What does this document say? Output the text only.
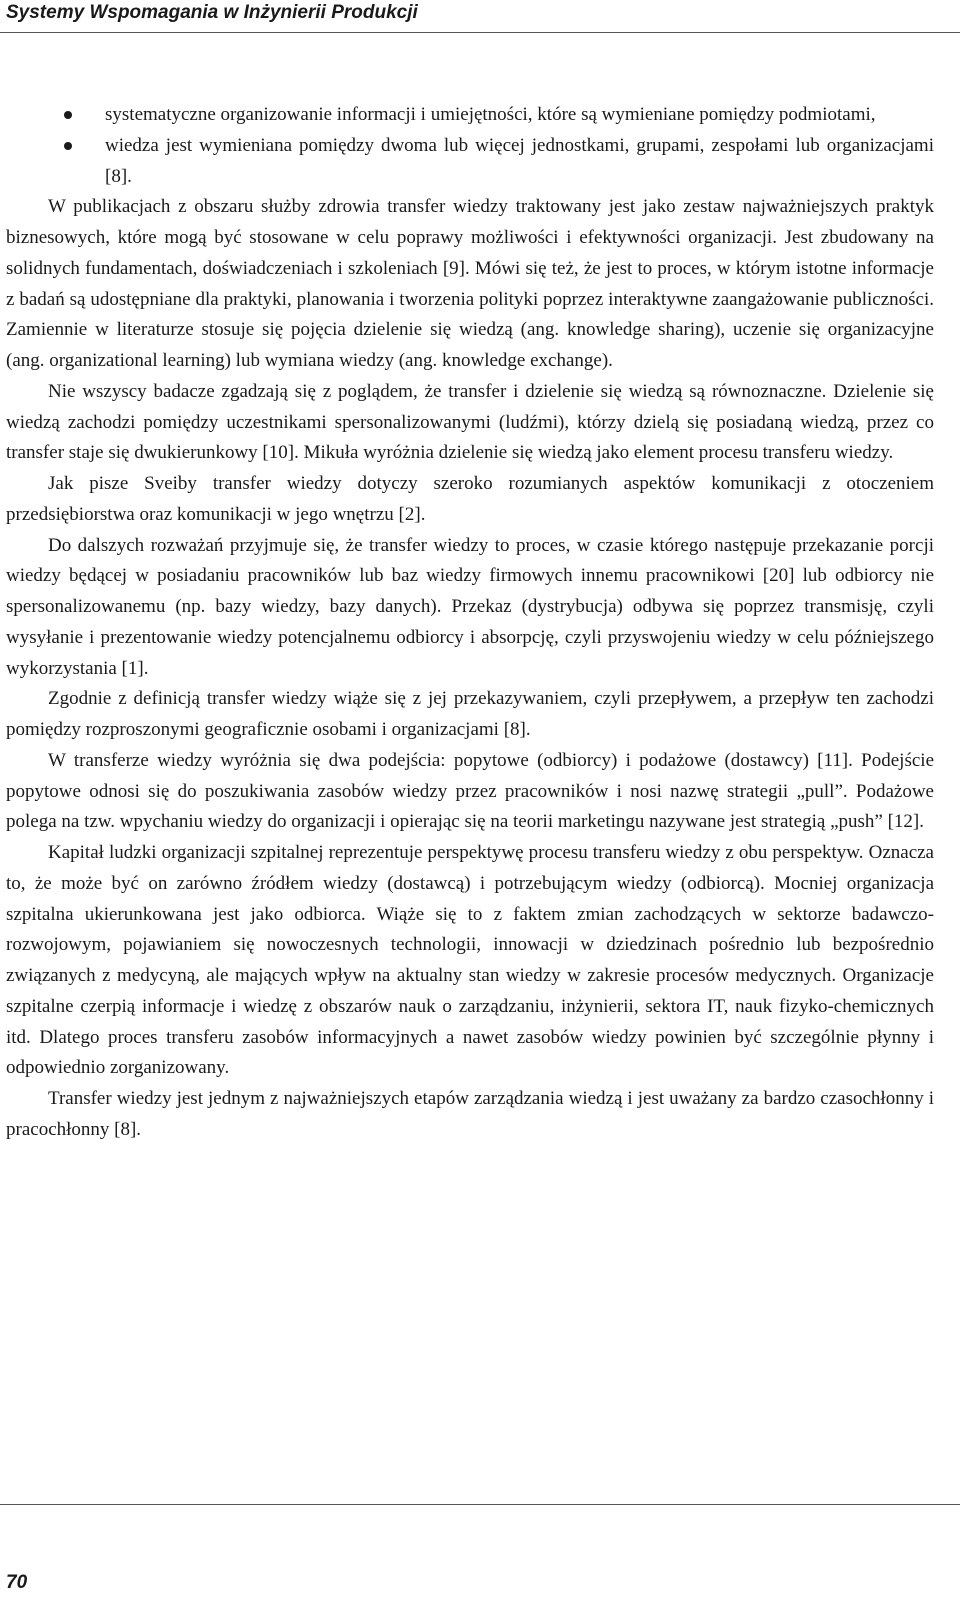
Systemy Wspomagania w Inżynierii Produkcji
systematyczne organizowanie informacji i umiejętności, które są wymieniane pomiędzy podmiotami,
wiedza jest wymieniana pomiędzy dwoma lub więcej jednostkami, grupami, zespołami lub organizacjami [8].

W publikacjach z obszaru służby zdrowia transfer wiedzy traktowany jest jako zestaw najważniejszych praktyk biznesowych, które mogą być stosowane w celu poprawy możliwości i efektywności organizacji. Jest zbudowany na solidnych fundamentach, doświadczeniach i szkoleniach [9]. Mówi się też, że jest to proces, w którym istotne informacje z badań są udostępniane dla praktyki, planowania i tworzenia polityki poprzez interaktywne zaangażowanie publiczności. Zamiennie w literaturze stosuje się pojęcia dzielenie się wiedzą (ang. knowledge sharing), uczenie się organizacyjne (ang. organizational learning) lub wymiana wiedzy (ang. knowledge exchange).

Nie wszyscy badacze zgadzają się z poglądem, że transfer i dzielenie się wiedzą są równoznaczne. Dzielenie się wiedzą zachodzi pomiędzy uczestnikami spersonalizowanymi (ludźmi), którzy dzielą się posiadaną wiedzą, przez co transfer staje się dwukierunkowy [10]. Mikuła wyróżnia dzielenie się wiedzą jako element procesu transferu wiedzy.

Jak pisze Sveiby transfer wiedzy dotyczy szeroko rozumianych aspektów komunikacji z otoczeniem przedsiębiorstwa oraz komunikacji w jego wnętrzu [2].

Do dalszych rozważań przyjmuje się, że transfer wiedzy to proces, w czasie którego następuje przekazanie porcji wiedzy będącej w posiadaniu pracowników lub baz wiedzy firmowych innemu pracownikowi [20] lub odbiorcy nie spersonalizowanemu (np. bazy wiedzy, bazy danych). Przekaz (dystrybucja) odbywa się poprzez transmisję, czyli wysyłanie i prezentowanie wiedzy potencjalnemu odbiorcy i absorpcję, czyli przyswojeniu wiedzy w celu późniejszego wykorzystania [1].

Zgodnie z definicją transfer wiedzy wiąże się z jej przekazywaniem, czyli przepływem, a przepływ ten zachodzi pomiędzy rozproszonymi geograficznie osobami i organizacjami [8].

W transferze wiedzy wyróżnia się dwa podejścia: popytowe (odbiorcy) i podażowe (dostawcy) [11]. Podejście popytowe odnosi się do poszukiwania zasobów wiedzy przez pracowników i nosi nazwę strategii „pull”. Podażowe polega na tzw. wpychaniu wiedzy do organizacji i opierając się na teorii marketingu nazywane jest strategią „push” [12].

Kapitał ludzki organizacji szpitalnej reprezentuje perspektywę procesu transferu wiedzy z obu perspektyw. Oznacza to, że może być on zarówno źródłem wiedzy (dostawcą) i potrzebującym wiedzy (odbiorcą). Mocniej organizacja szpitalna ukierunkowana jest jako odbiorca. Wiąże się to z faktem zmian zachodzących w sektorze badawczo-rozwojowym, pojawianiem się nowoczesnych technologii, innowacji w dziedzinach pośrednio lub bezpośrednio związanych z medycyną, ale mających wpływ na aktualny stan wiedzy w zakresie procesów medycznych. Organizacje szpitalne czerpią informacje i wiedzę z obszarów nauk o zarządzaniu, inżynierii, sektora IT, nauk fizyko-chemicznych itd. Dlatego proces transferu zasobów informacyjnych a nawet zasobów wiedzy powinien być szczególnie płynny i odpowiednio zorganizowany.

Transfer wiedzy jest jednym z najważniejszych etapów zarządzania wiedzą i jest uważany za bardzo czasochłonny i pracochłonny [8].

70
